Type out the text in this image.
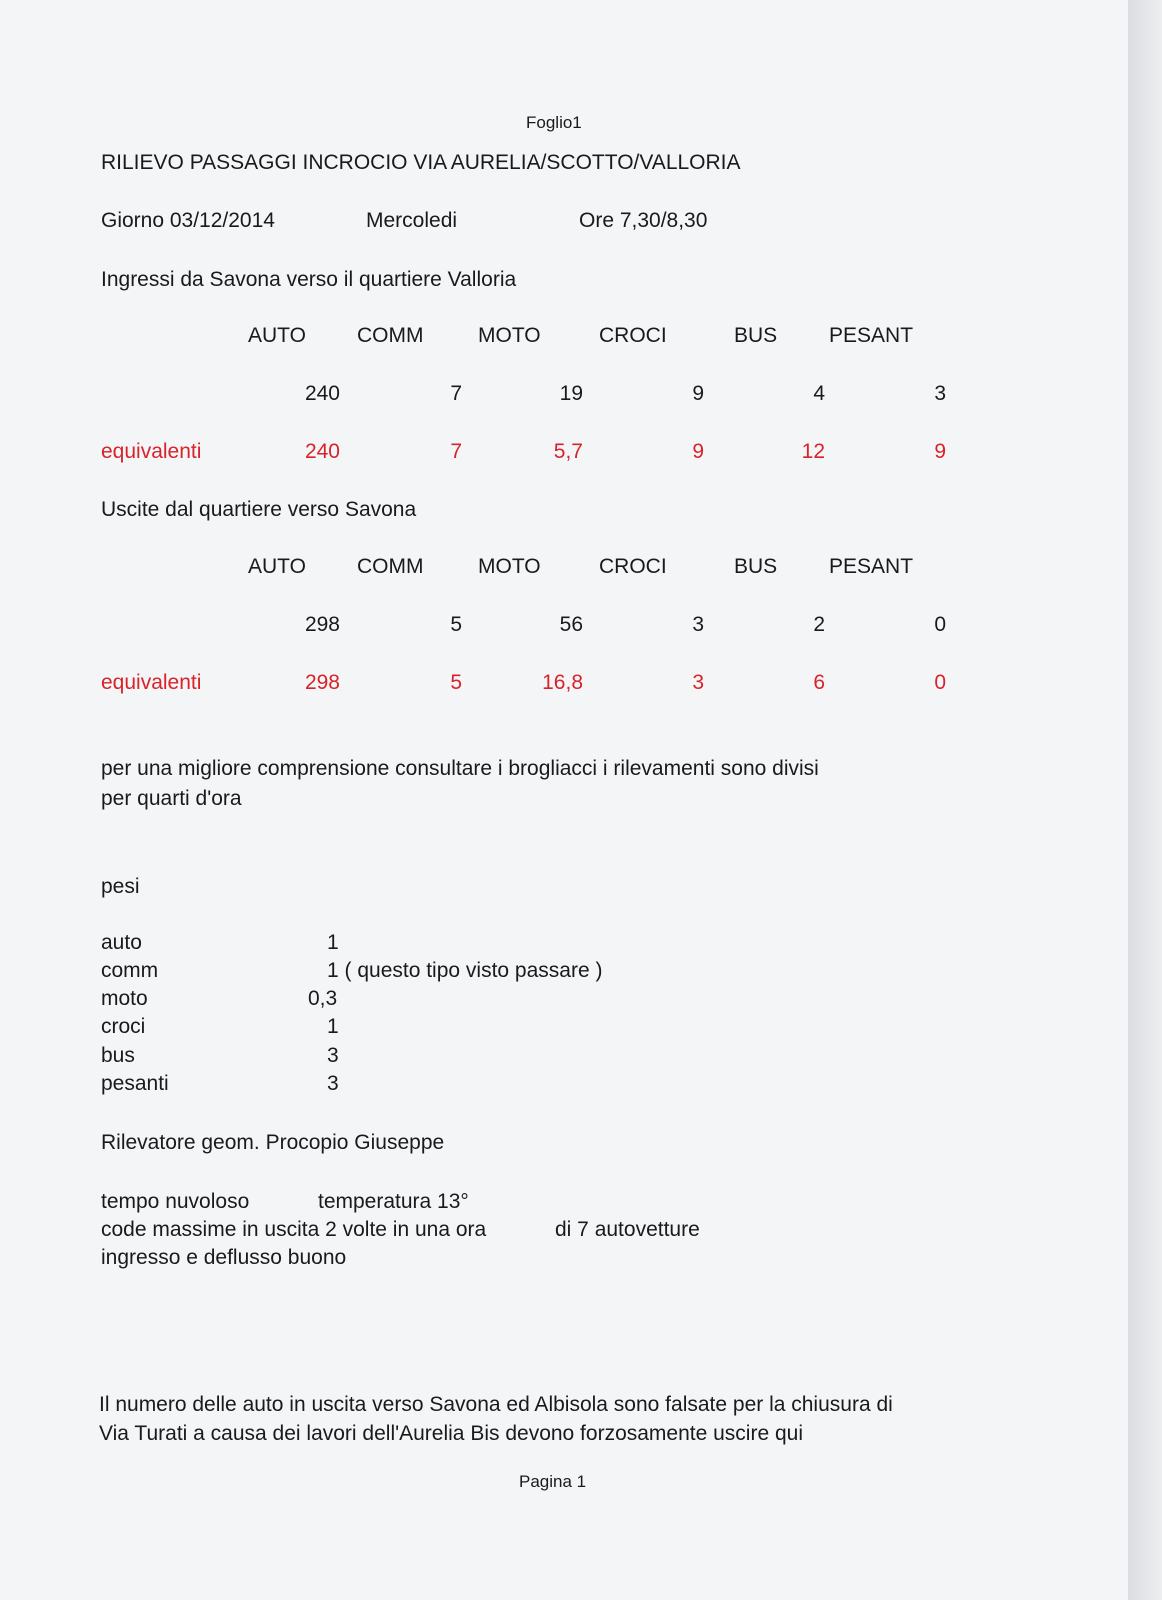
Foglio1
RILIEVO PASSAGGI INCROCIO VIA AURELIA/SCOTTO/VALLORIA
Giorno 03/12/2014	Mercoledi	Ore 7,30/8,30
Ingressi da Savona verso il quartiere Valloria
AUTO COMM	MOTO	CROCI	BUS PESANT
240	7	19	9	4	3
equivalenti	240	7	5,7	9	12	9
Uscite dal quartiere verso Savona
AUTO COMM	MOTO	CROCI	BUS PESANT
298	5	56	3	2	0
equivalenti	298	5	16,8	3	6	0
per una migliore comprensione consultare i brogliacci i rilevamenti sono divisi
per quarti d'ora
pesi
auto	1
comm	1 ( questo tipo visto passare )
moto	0,3
croci	1
bus	3
pesanti	3
Rilevatore geom. Procopio Giuseppe
tempo nuvoloso	temperatura 13°
code massime in uscita 2 volte in una ora	di 7 autovetture
ingresso e deflusso buono
Il numero delle auto in uscita verso Savona ed Albisola sono falsate per la chiusura di
Via Turati a causa dei lavori dell'Aurelia Bis devono forzosamente uscire qui
Pagina 1
